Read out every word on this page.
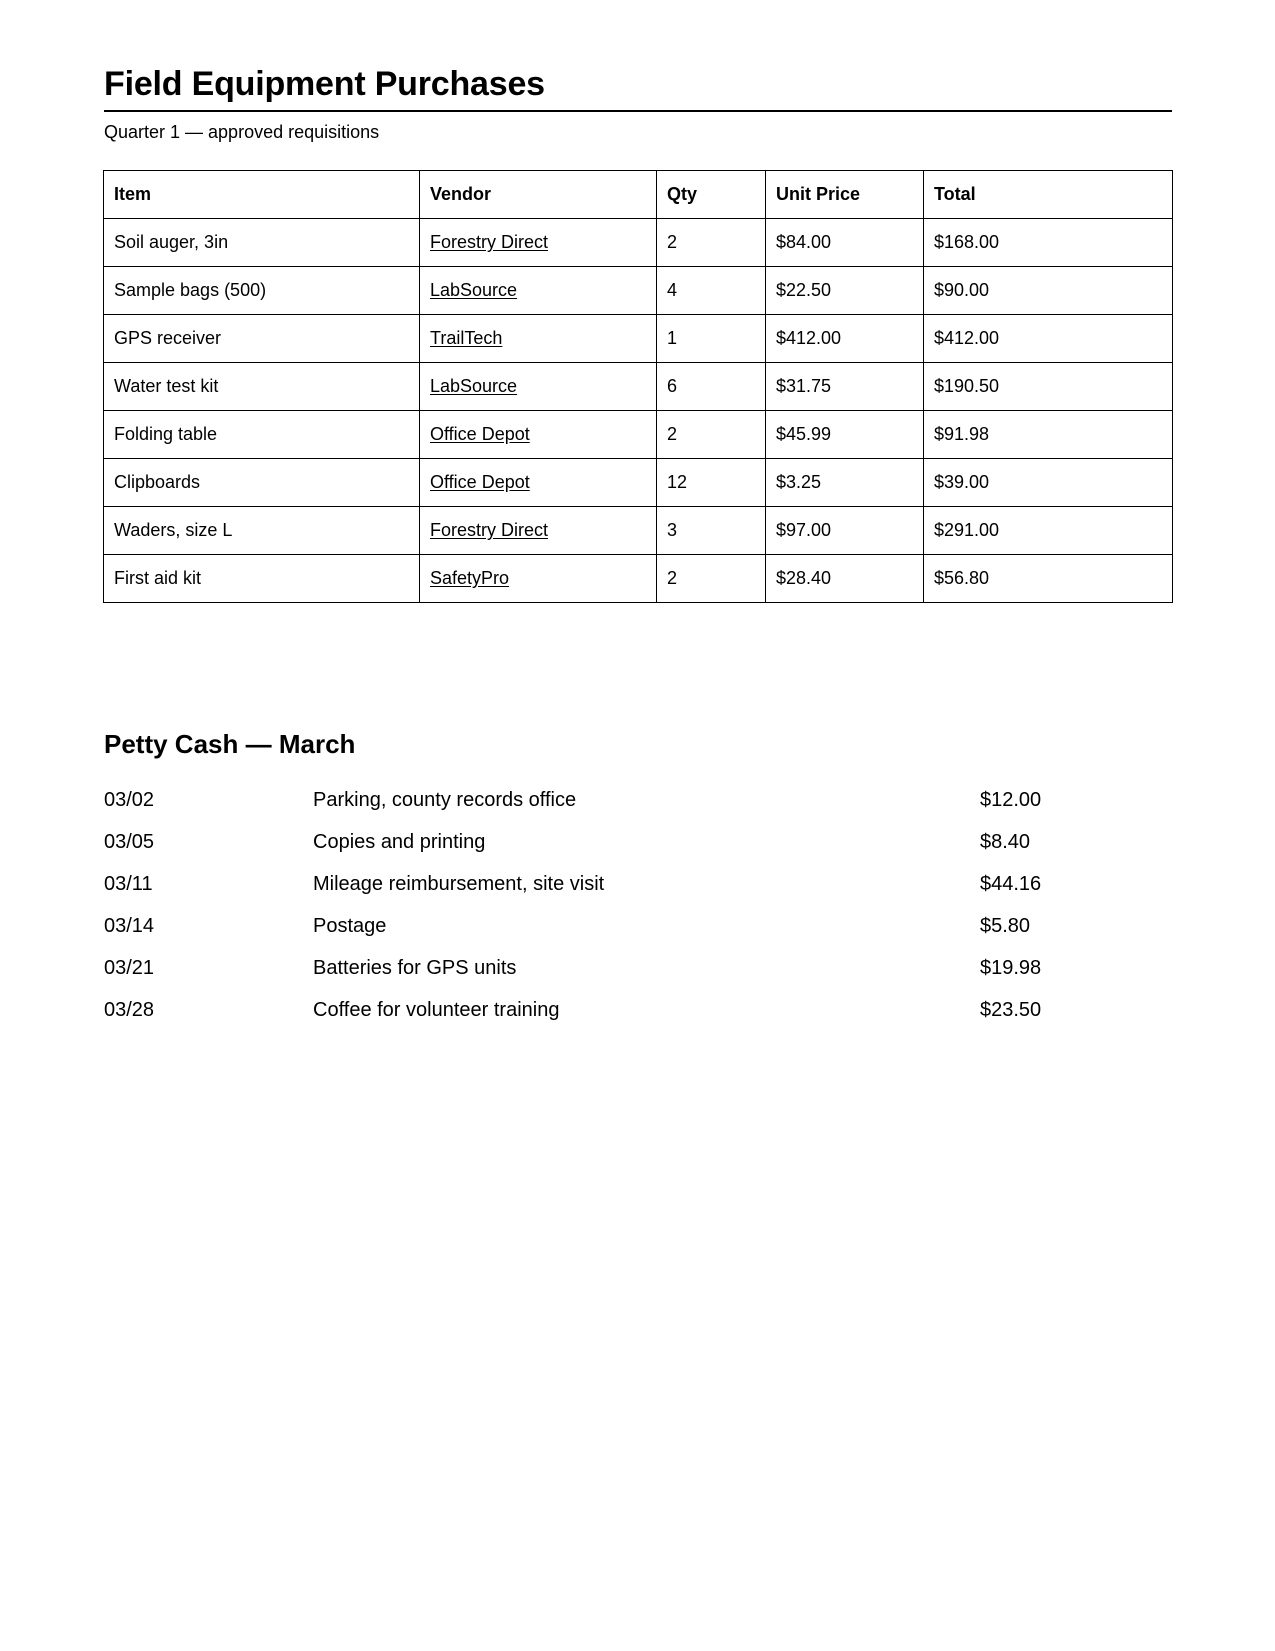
Field Equipment Purchases
Quarter 1 — approved requisitions
Item	Vendor	Qty	Unit Price	Total
Soil auger, 3in	Forestry Direct	2	$84.00	$168.00
Sample bags (500)	LabSource	4	$22.50	$90.00
GPS receiver	TrailTech	1	$412.00	$412.00
Water test kit	LabSource	6	$31.75	$190.50
Folding table	Office Depot	2	$45.99	$91.98
Clipboards	Office Depot	12	$3.25	$39.00
Waders, size L	Forestry Direct	3	$97.00	$291.00
First aid kit	SafetyPro	2	$28.40	$56.80
Petty Cash — March
03/02	Parking, county records office	$12.00
03/05	Copies and printing	$8.40
03/11	Mileage reimbursement, site visit	$44.16
03/14	Postage	$5.80
03/21	Batteries for GPS units	$19.98
03/28	Coffee for volunteer training	$23.50
